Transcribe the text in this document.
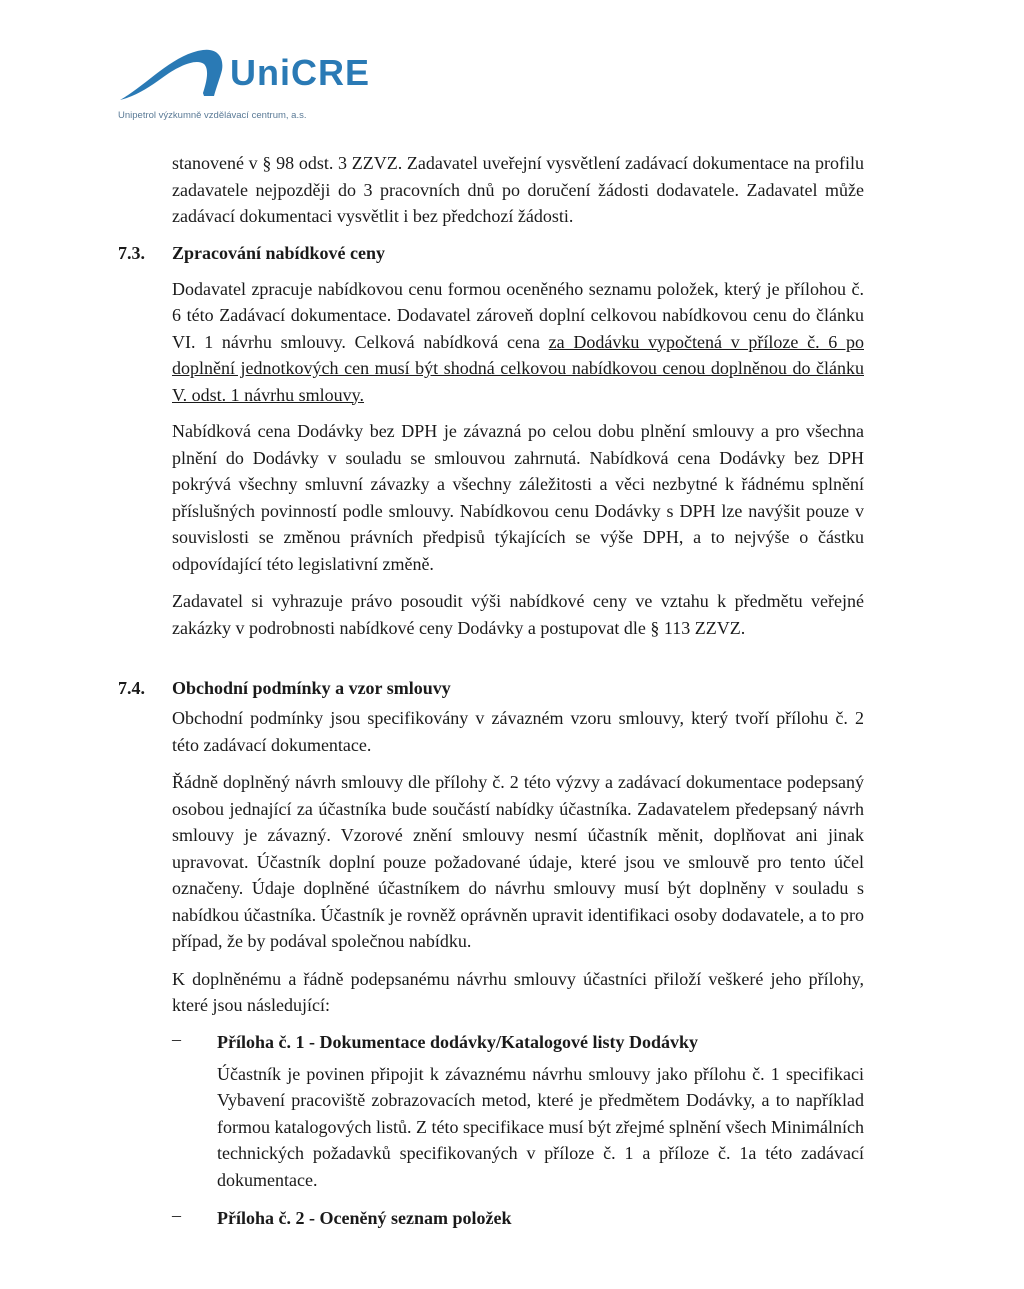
UniCRE
Unipetrol výzkumně vzdělávací centrum, a.s.

stanovené v § 98 odst. 3 ZZVZ. Zadavatel uveřejní vysvětlení zadávací dokumentace na profilu zadavatele nejpozději do 3 pracovních dnů po doručení žádosti dodavatele. Zadavatel může zadávací dokumentaci vysvětlit i bez předchozí žádosti.

7.3. Zpracování nabídkové ceny

Dodavatel zpracuje nabídkovou cenu formou oceněného seznamu položek, který je přílohou č. 6 této Zadávací dokumentace. Dodavatel zároveň doplní celkovou nabídkovou cenu do článku VI. 1 návrhu smlouvy. Celková nabídková cena za Dodávku vypočtená v příloze č. 6 po doplnění jednotkových cen musí být shodná celkovou nabídkovou cenou doplněnou do článku V. odst. 1 návrhu smlouvy.

Nabídková cena Dodávky bez DPH je závazná po celou dobu plnění smlouvy a pro všechna plnění do Dodávky v souladu se smlouvou zahrnutá. Nabídková cena Dodávky bez DPH pokrývá všechny smluvní závazky a všechny záležitosti a věci nezbytné k řádnému splnění příslušných povinností podle smlouvy. Nabídkovou cenu Dodávky s DPH lze navýšit pouze v souvislosti se změnou právních předpisů týkajících se výše DPH, a to nejvýše o částku odpovídající této legislativní změně.

Zadavatel si vyhrazuje právo posoudit výši nabídkové ceny ve vztahu k předmětu veřejné zakázky v podrobnosti nabídkové ceny Dodávky a postupovat dle § 113 ZZVZ.

7.4. Obchodní podmínky a vzor smlouvy

Obchodní podmínky jsou specifikovány v závazném vzoru smlouvy, který tvoří přílohu č. 2 této zadávací dokumentace.

Řádně doplněný návrh smlouvy dle přílohy č. 2 této výzvy a zadávací dokumentace podepsaný osobou jednající za účastníka bude součástí nabídky účastníka. Zadavatelem předepsaný návrh smlouvy je závazný. Vzorové znění smlouvy nesmí účastník měnit, doplňovat ani jinak upravovat. Účastník doplní pouze požadované údaje, které jsou ve smlouvě pro tento účel označeny. Údaje doplněné účastníkem do návrhu smlouvy musí být doplněny v souladu s nabídkou účastníka. Účastník je rovněž oprávněn upravit identifikaci osoby dodavatele, a to pro případ, že by podával společnou nabídku.

K doplněnému a řádně podepsanému návrhu smlouvy účastníci přiloží veškeré jeho přílohy, které jsou následující:

– Příloha č. 1 - Dokumentace dodávky/Katalogové listy Dodávky

Účastník je povinen připojit k závaznému návrhu smlouvy jako přílohu č. 1 specifikaci Vybavení pracoviště zobrazovacích metod, které je předmětem Dodávky, a to například formou katalogových listů. Z této specifikace musí být zřejmé splnění všech Minimálních technických požadavků specifikovaných v příloze č. 1 a příloze č. 1a této zadávací dokumentace.

– Příloha č. 2 - Oceněný seznam položek
